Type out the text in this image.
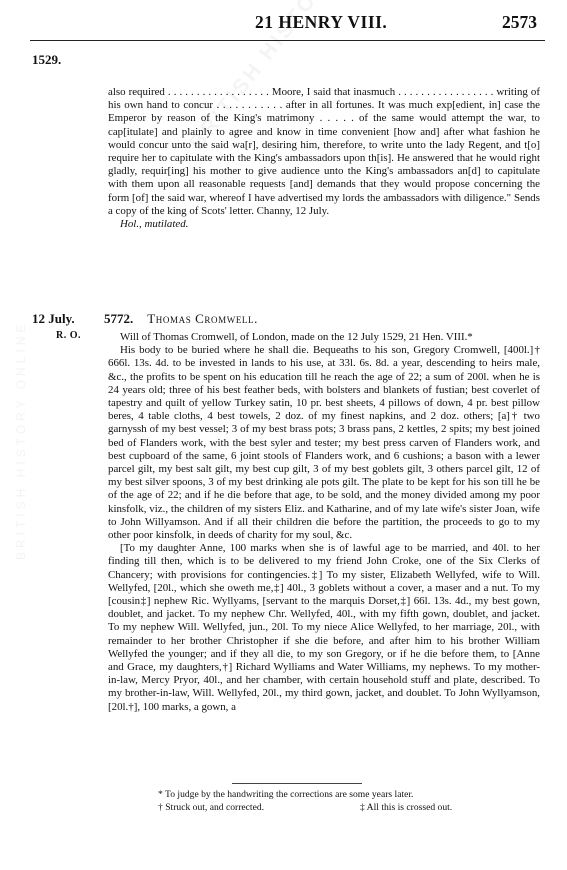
BRITISH HISTORY ONLINE
21 HENRY VIII.	2573
1529.

also required . . . . . . . . . . . . . . . . . . Moore, I said that inasmuch . . . . . . . . . . . . . . . . . writing of his own hand to concur . . . . . . . . . . . after in all fortunes. It was much exp[edient, in] case the Emperor by reason of the King's matrimony . . . . . of the same would attempt the war, to cap[itulate] and plainly to agree and know in time convenient [how and] after what fashion he would concur unto the said wa[r], desiring him, therefore, to write unto the lady Regent, and t[o] require her to capitulate with the King's ambassadors upon th[is]. He answered that he would right gladly, requir[ing] his mother to give audience unto the King's ambassadors an[d] to capitulate with them upon all reasonable requests [and] demands that they would propose concerning the form [of] the said war, whereof I have advertised my lords the ambassadors with diligence." Sends a copy of the king of Scots' letter. Channy, 12 July.

Hol., mutilated.

12 July.
R. O.
5772. Thomas Cromwell.

Will of Thomas Cromwell, of London, made on the 12 July 1529, 21 Hen. VIII.*

His body to be buried where he shall die. Bequeaths to his son, Gregory Cromwell, [400l.]† 666l. 13s. 4d. to be invested in lands to his use, at 33l. 6s. 8d. a year, descending to heirs male, &c., the profits to be spent on his education till he reach the age of 22; a sum of 200l. when he is 24 years old; three of his best feather beds, with bolsters and blankets of fustian; best coverlet of tapestry and quilt of yellow Turkey satin, 10 pr. best sheets, 4 pillows of down, 4 pr. best pillow beres, 4 table cloths, 4 best towels, 2 doz. of my finest napkins, and 2 doz. others; [a]† two garnyssh of my best vessel; 3 of my best brass pots; 3 brass pans, 2 kettles, 2 spits; my best joined bed of Flanders work, with the best syler and tester; my best press carven of Flanders work, and best cupboard of the same, 6 joint stools of Flanders work, and 6 cushions; a bason with a lewer parcel gilt, my best salt gilt, my best cup gilt, 3 of my best goblets gilt, 3 others parcel gilt, 12 of my best silver spoons, 3 of my best drinking ale pots gilt. The plate to be kept for his son till he be of the age of 22; and if he die before that age, to be sold, and the money divided among my poor kinsfolk, viz., the children of my sisters Eliz. and Katharine, and of my late wife's sister Joan, wife to John Willyamson. And if all their children die before the partition, the proceeds to go to my other poor kinsfolk, in deeds of charity for my soul, &c.

[To my daughter Anne, 100 marks when she is of lawful age to be married, and 40l. to her finding till then, which is to be delivered to my friend John Croke, one of the Six Clerks of Chancery; with provisions for contingencies.‡] To my sister, Elizabeth Wellyfed, wife to Will. Wellyfed, [20l., which she oweth me,‡] 40l., 3 goblets without a cover, a maser and a nut. To my [cousin‡] nephew Ric. Wyllyams, [servant to the marquis Dorset,‡] 66l. 13s. 4d., my best gown, doublet, and jacket. To my nephew Chr. Wellyfed, 40l., with my fifth gown, doublet, and jacket. To my nephew Will. Wellyfed, jun., 20l. To my niece Alice Wellyfed, to her marriage, 20l., with remainder to her brother Christopher if she die before, and after him to his brother William Wellyfed the younger; and if they all die, to my son Gregory, or if he die before them, to [Anne and Grace, my daughters,†] Richard Wylliams and Water Williams, my nephews. To my mother-in-law, Mercy Pryor, 40l., and her chamber, with certain household stuff and plate, described. To my brother-in-law, Will. Wellyfed, 20l., my third gown, jacket, and doublet. To John Wyllyamson, [20l.†], 100 marks, a gown, a

* To judge by the handwriting the corrections are some years later.
† Struck out, and corrected.	‡ All this is crossed out.
